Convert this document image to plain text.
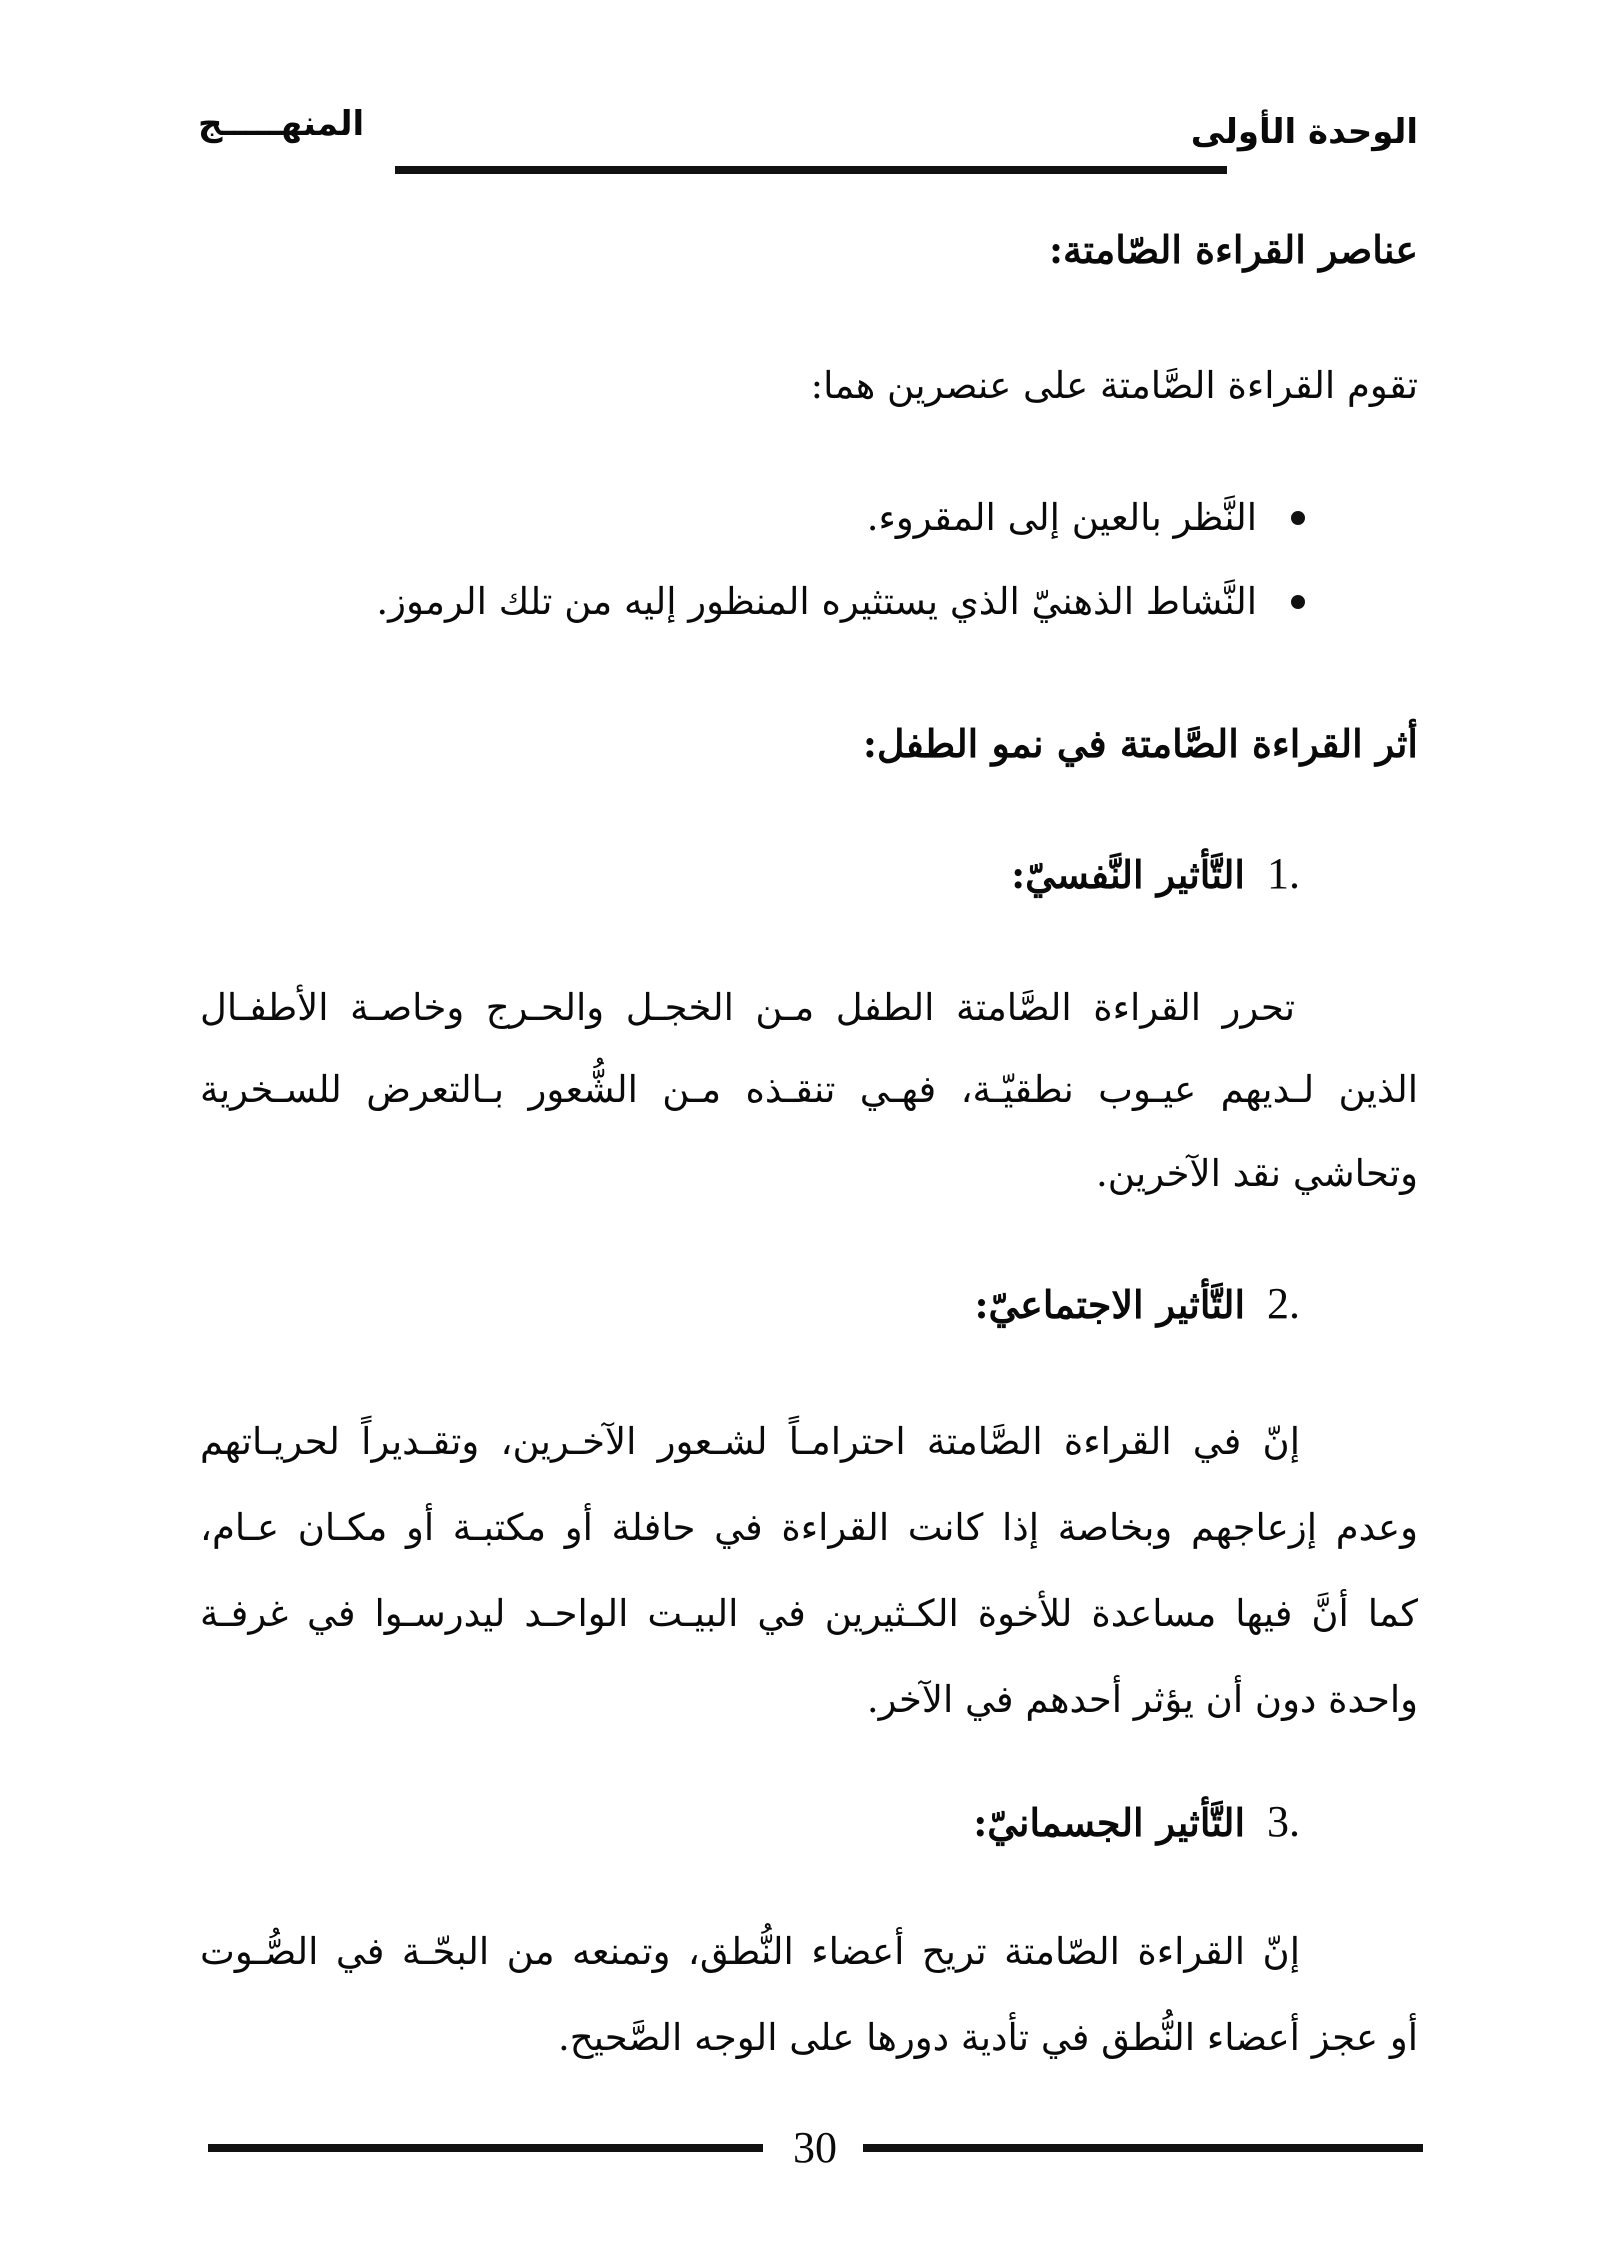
الوحدة الأولى
المنهـــــج
عناصر القراءة الصّامتة:
تقوم القراءة الصَّامتة على عنصرين هما:
النَّظر بالعين إلى المقروء.
النَّشاط الذهنيّ الذي يستثيره المنظور إليه من تلك الرموز.
أثر القراءة الصَّامتة في نمو الطفل:
1.
التَّأثير النَّفسيّ:
تحرر القراءة الصَّامتة الطفل مـن الخجـل والحـرج وخاصـة الأطفـال
الذين لـديهم عيـوب نطقيّـة، فهـي تنقـذه مـن الشُّعور بـالتعرض للسـخرية
وتحاشي نقد الآخرين.
2.
التَّأثير الاجتماعيّ:
إنّ في القراءة الصَّامتة احترامـاً لشـعور الآخـرين، وتقـديراً لحريـاتهم
وعدم إزعاجهم وبخاصة إذا كانت القراءة في حافلة أو مكتبـة أو مكـان عـام،
كما أنَّ فيها مساعدة للأخوة الكـثيرين في البيـت الواحـد ليدرسـوا في غرفـة
واحدة دون أن يؤثر أحدهم في الآخر.
3.
التَّأثير الجسمانيّ:
إنّ القراءة الصّامتة تريح أعضاء النُّطق، وتمنعه من البحّـة في الصُّـوت
أو عجز أعضاء النُّطق في تأدية دورها على الوجه الصَّحيح.
30
